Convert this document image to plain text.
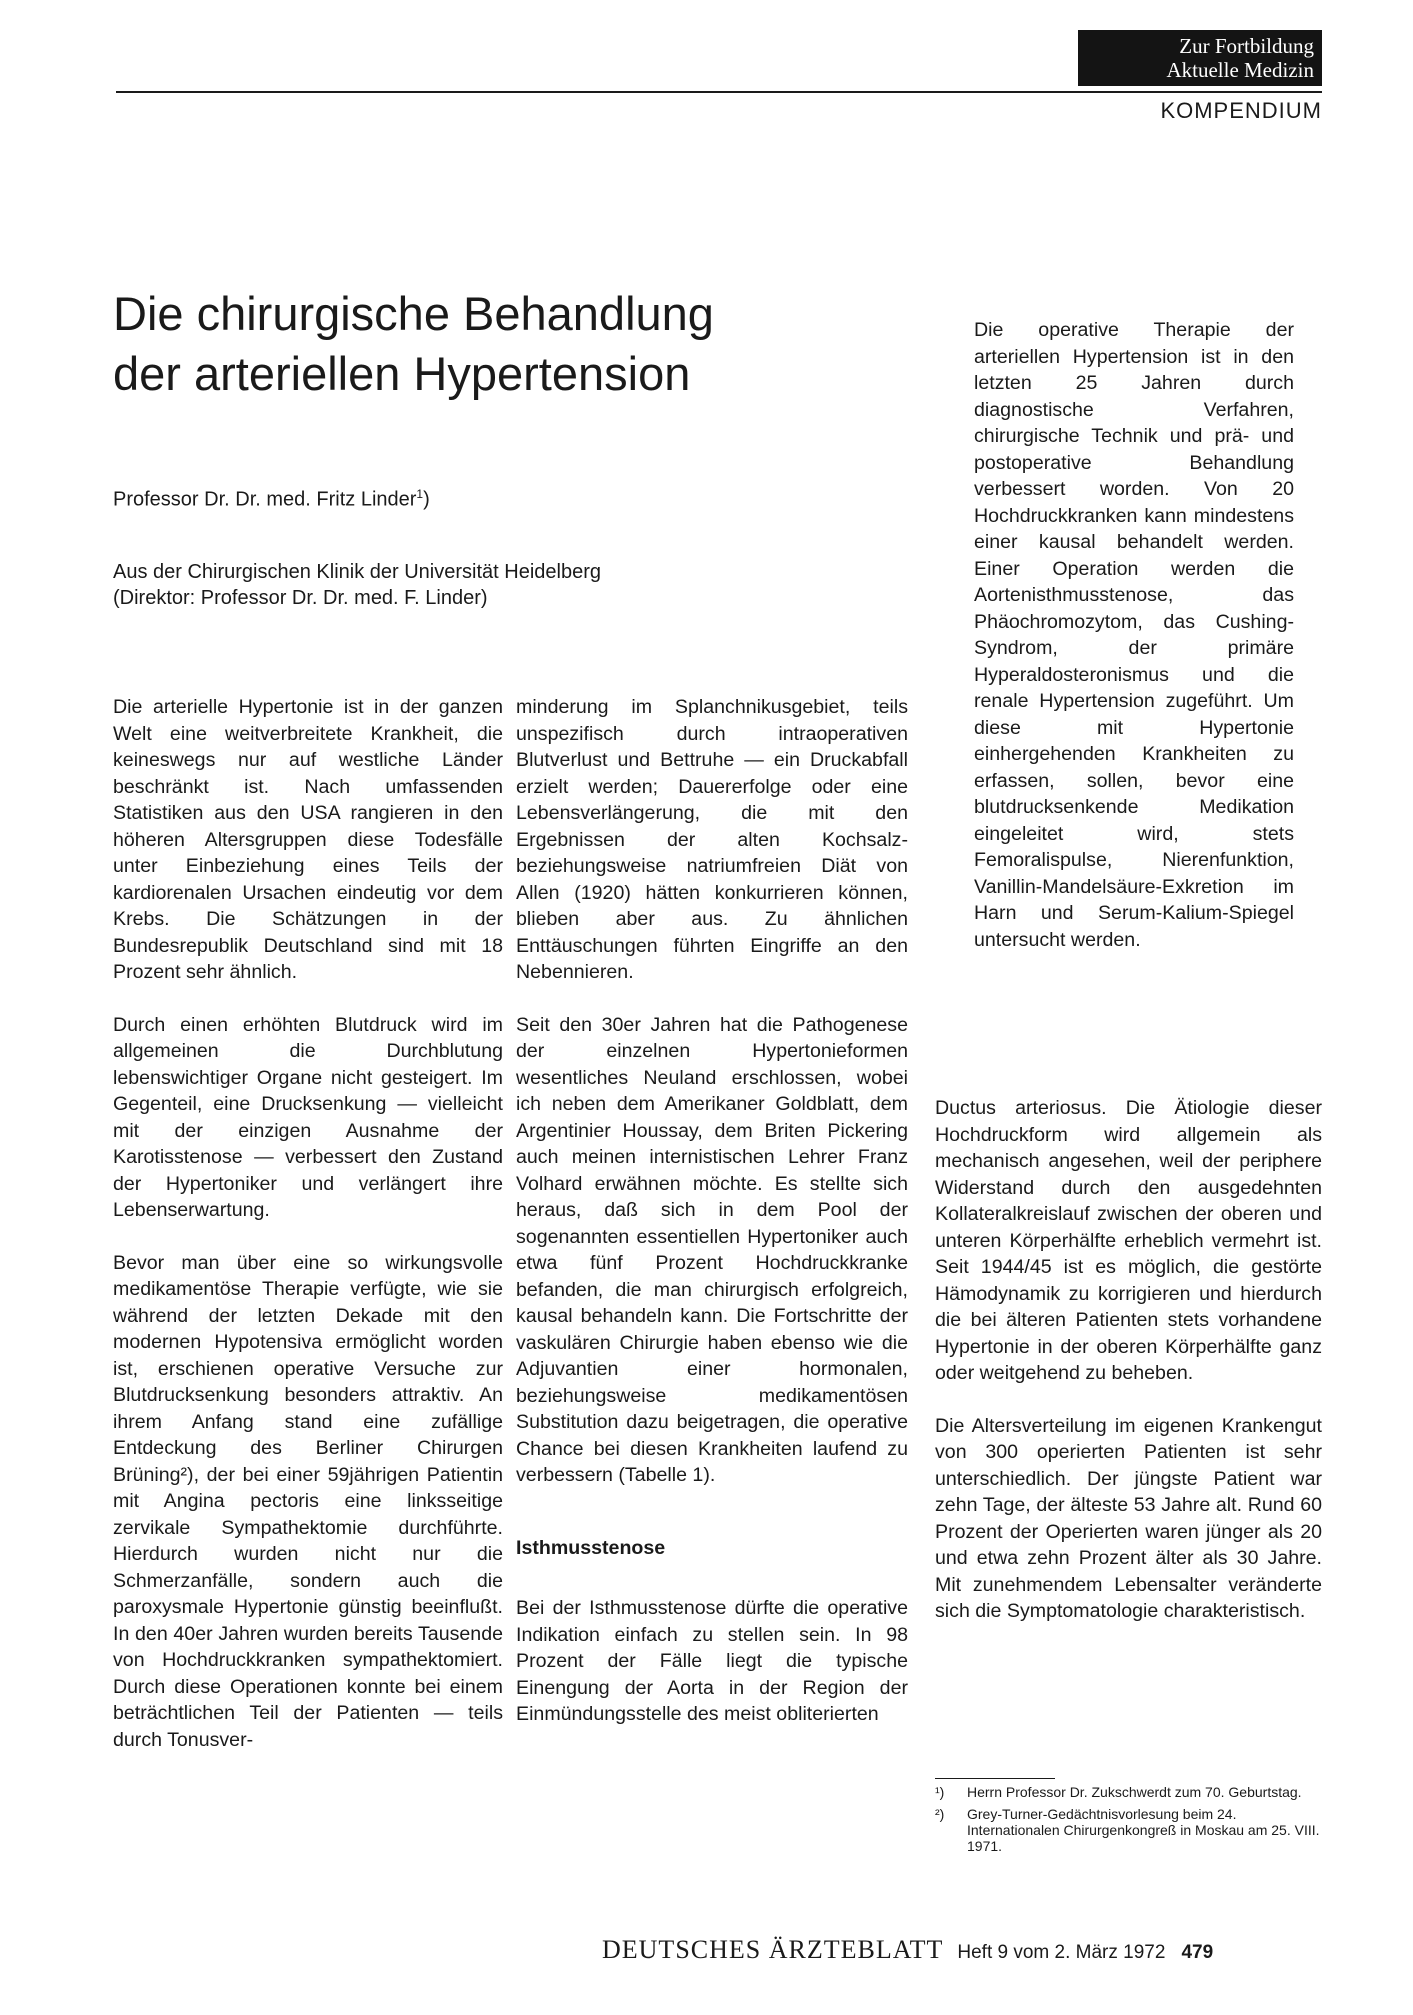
Zur Fortbildung
Aktuelle Medizin
KOMPENDIUM
Die chirurgische Behandlung
der arteriellen Hypertension
Professor Dr. Dr. med. Fritz Linder$^1$)
Aus der Chirurgischen Klinik der Universität Heidelberg
(Direktor: Professor Dr. Dr. med. F. Linder)

Die operative Therapie der arteriellen Hypertension ist in den letzten 25 Jahren durch diagnostische Verfahren, chirurgische Technik und prä- und postoperative Behandlung verbessert worden. Von 20 Hochdruckkranken kann mindestens einer kausal behandelt werden. Einer Operation werden die Aortenisthmusstenose, das Phäochromozytom, das Cushing-Syndrom, der primäre Hyperaldosteronismus und die renale Hypertension zugeführt. Um diese mit Hypertonie einhergehenden Krankheiten zu erfassen, sollen, bevor eine blutdrucksenkende Medikation eingeleitet wird, stets Femoralispulse, Nierenfunktion, Vanillin-Mandelsäure-Exkretion im Harn und Serum-Kalium-Spiegel untersucht werden.

Die arterielle Hypertonie ist in der ganzen Welt eine weitverbreitete Krankheit, die keineswegs nur auf westliche Länder beschränkt ist. Nach umfassenden Statistiken aus den USA rangieren in den höheren Altersgruppen diese Todesfälle unter Einbeziehung eines Teils der kardiorenalen Ursachen eindeutig vor dem Krebs. Die Schätzungen in der Bundesrepublik Deutschland sind mit 18 Prozent sehr ähnlich.

Durch einen erhöhten Blutdruck wird im allgemeinen die Durchblutung lebenswichtiger Organe nicht gesteigert. Im Gegenteil, eine Drucksenkung — vielleicht mit der einzigen Ausnahme der Karotisstenose — verbessert den Zustand der Hypertoniker und verlängert ihre Lebenserwartung.

Bevor man über eine so wirkungsvolle medikamentöse Therapie verfügte, wie sie während der letzten Dekade mit den modernen Hypotensiva ermöglicht worden ist, erschienen operative Versuche zur Blutdrucksenkung besonders attraktiv. An ihrem Anfang stand eine zufällige Entdeckung des Berliner Chirurgen Brüning²), der bei einer 59jährigen Patientin mit Angina pectoris eine linksseitige zervikale Sympathektomie durchführte. Hierdurch wurden nicht nur die Schmerzanfälle, sondern auch die paroxysmale Hypertonie günstig beeinflußt. In den 40er Jahren wurden bereits Tausende von Hochdruckkranken sympathektomiert. Durch diese Operationen konnte bei einem beträchtlichen Teil der Patienten — teils durch Tonusver-

minderung im Splanchnikusgebiet, teils unspezifisch durch intraoperativen Blutverlust und Bettruhe — ein Druckabfall erzielt werden; Dauererfolge oder eine Lebensverlängerung, die mit den Ergebnissen der alten Kochsalz- beziehungsweise natriumfreien Diät von Allen (1920) hätten konkurrieren können, blieben aber aus. Zu ähnlichen Enttäuschungen führten Eingriffe an den Nebennieren.

Seit den 30er Jahren hat die Pathogenese der einzelnen Hypertonieformen wesentliches Neuland erschlossen, wobei ich neben dem Amerikaner Goldblatt, dem Argentinier Houssay, dem Briten Pickering auch meinen internistischen Lehrer Franz Volhard erwähnen möchte. Es stellte sich heraus, daß sich in dem Pool der sogenannten essentiellen Hypertoniker auch etwa fünf Prozent Hochdruckkranke befanden, die man chirurgisch erfolgreich, kausal behandeln kann. Die Fortschritte der vaskulären Chirurgie haben ebenso wie die Adjuvantien einer hormonalen, beziehungsweise medikamentösen Substitution dazu beigetragen, die operative Chance bei diesen Krankheiten laufend zu verbessern (Tabelle 1).

Isthmusstenose

Bei der Isthmusstenose dürfte die operative Indikation einfach zu stellen sein. In 98 Prozent der Fälle liegt die typische Einengung der Aorta in der Region der Einmündungsstelle des meist obliterierten

Ductus arteriosus. Die Ätiologie dieser Hochdruckform wird allgemein als mechanisch angesehen, weil der periphere Widerstand durch den ausgedehnten Kollateralkreislauf zwischen der oberen und unteren Körperhälfte erheblich vermehrt ist. Seit 1944/45 ist es möglich, die gestörte Hämodynamik zu korrigieren und hierdurch die bei älteren Patienten stets vorhandene Hypertonie in der oberen Körperhälfte ganz oder weitgehend zu beheben.

Die Altersverteilung im eigenen Krankengut von 300 operierten Patienten ist sehr unterschiedlich. Der jüngste Patient war zehn Tage, der älteste 53 Jahre alt. Rund 60 Prozent der Operierten waren jünger als 20 und etwa zehn Prozent älter als 30 Jahre. Mit zunehmendem Lebensalter veränderte sich die Symptomatologie charakteristisch.

¹)	Herrn Professor Dr. Zukschwerdt zum 70. Geburtstag.
²)	Grey-Turner-Gedächtnisvorlesung beim 24. Internationalen Chirurgenkongreß in Moskau am 25. VIII. 1971.
DEUTSCHES ÄRZTEBLATT Heft 9 vom 2. März 1972 479
